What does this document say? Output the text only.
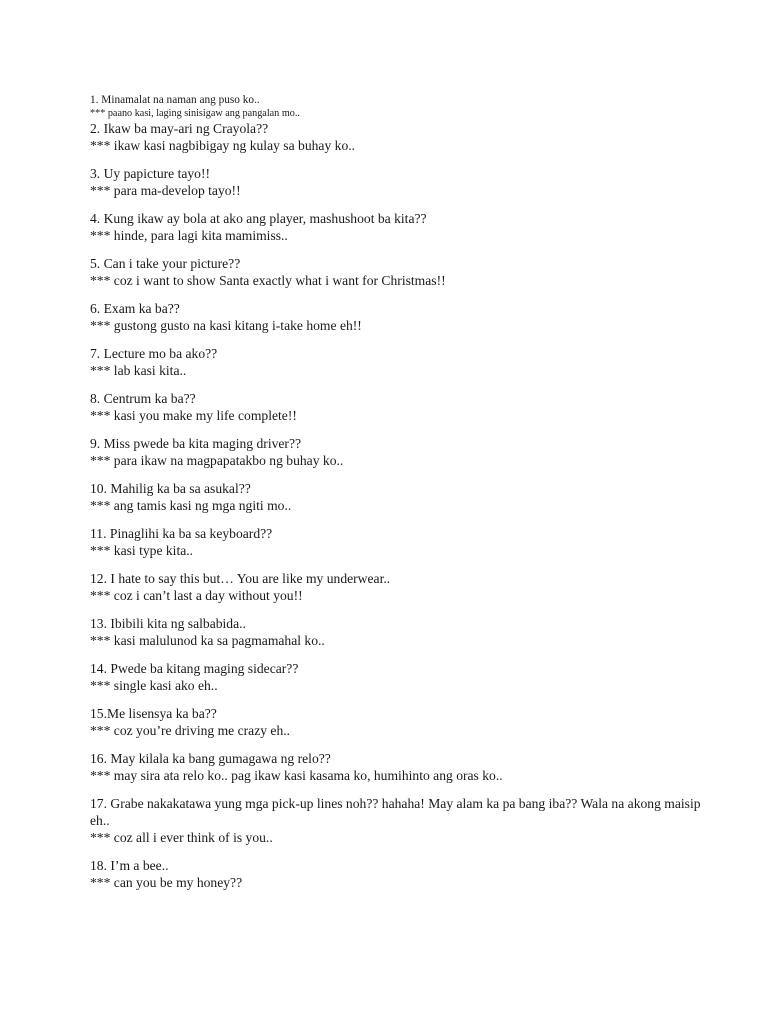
1. Minamalat na naman ang puso ko..
*** paano kasi, laging sinisigaw ang pangalan mo..
2. Ikaw ba may-ari ng Crayola??
*** ikaw kasi nagbibigay ng kulay sa buhay ko..
3. Uy papicture tayo!!
*** para ma-develop tayo!!
4. Kung ikaw ay bola at ako ang player, mashushoot ba kita??
*** hinde, para lagi kita mamimiss..
5. Can i take your picture??
*** coz i want to show Santa exactly what i want for Christmas!!
6. Exam ka ba??
*** gustong gusto na kasi kitang i-take home eh!!
7. Lecture mo ba ako??
*** lab kasi kita..
8. Centrum ka ba??
*** kasi you make my life complete!!
9. Miss pwede ba kita maging driver??
*** para ikaw na magpapatakbo ng buhay ko..
10. Mahilig ka ba sa asukal??
*** ang tamis kasi ng mga ngiti mo..
11. Pinaglihi ka ba sa keyboard??
*** kasi type kita..
12. I hate to say this but… You are like my underwear..
*** coz i can’t last a day without you!!
13. Ibibili kita ng salbabida..
*** kasi malulunod ka sa pagmamahal ko..
14. Pwede ba kitang maging sidecar??
*** single kasi ako eh..
15.Me lisensya ka ba??
*** coz you’re driving me crazy eh..
16. May kilala ka bang gumagawa ng relo??
*** may sira ata relo ko.. pag ikaw kasi kasama ko, humihinto ang oras ko..
17. Grabe nakakatawa yung mga pick-up lines noh?? hahaha! May alam ka pa bang iba?? Wala na akong maisip eh..
*** coz all i ever think of is you..
18. I’m a bee..
*** can you be my honey??
